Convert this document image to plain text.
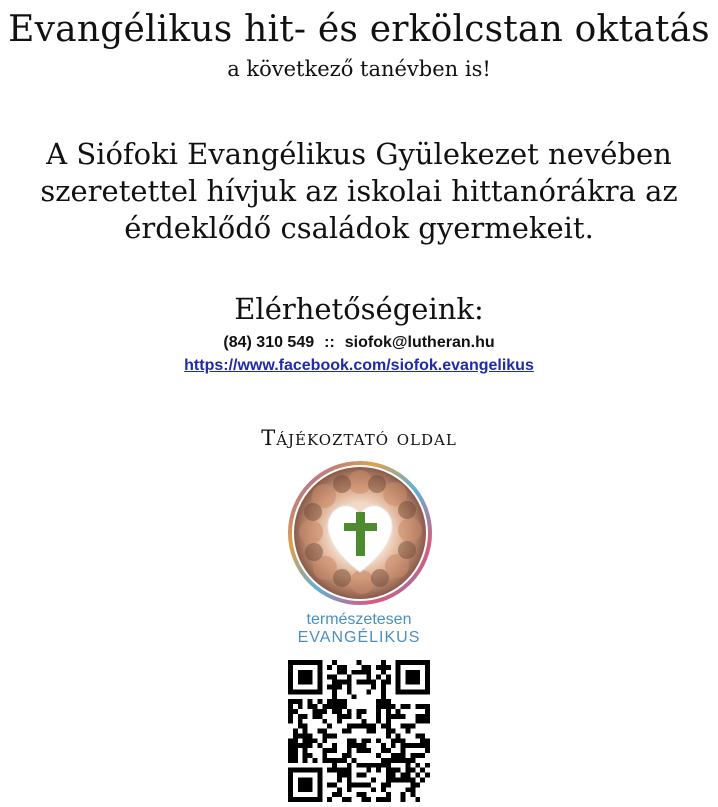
Evangélikus hit- és erkölcstan oktatás
a következő tanévben is!
A Siófoki Evangélikus Gyülekezet nevében
szeretettel hívjuk az iskolai hittanórákra az
érdeklődő családok gyermekeit.
Elérhetőségeink:
(84) 310 549 :: siofok@lutheran.hu
https://www.facebook.com/siofok.evangelikus
Tájékoztató oldal
természetesen
EVANGÉLIKUS
